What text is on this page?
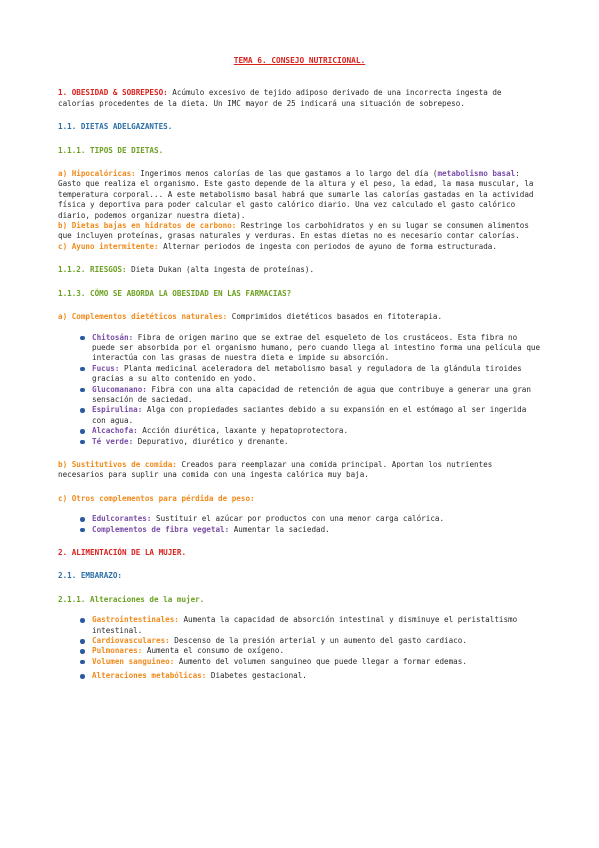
TEMA 6. CONSEJO NUTRICIONAL.

1. OBESIDAD & SOBREPESO: Acúmulo excesivo de tejido adiposo derivado de una incorrecta ingesta de calorías procedentes de la dieta. Un IMC mayor de 25 indicará una situación de sobrepeso.

1.1. DIETAS ADELGAZANTES.

1.1.1. TIPOS DE DIETAS.

a) Hipocalóricas: Ingerimos menos calorías de las que gastamos a lo largo del día (metabolismo basal: Gasto que realiza el organismo. Este gasto depende de la altura y el peso, la edad, la masa muscular, la temperatura corporal... A este metabolismo basal habrá que sumarle las calorías gastadas en la actividad física y deportiva para poder calcular el gasto calórico diario. Una vez calculado el gasto calórico diario, podemos organizar nuestra dieta).

b) Dietas bajas en hidratos de carbono: Restringe los carbohidratos y en su lugar se consumen alimentos que incluyen proteínas, grasas naturales y verduras. En estas dietas no es necesario contar calorías.

c) Ayuno intermitente: Alternar periodos de ingesta con periodos de ayuno de forma estructurada.

1.1.2. RIESGOS: Dieta Dukan (alta ingesta de proteínas).

1.1.3. CÓMO SE ABORDA LA OBESIDAD EN LAS FARMACIAS?

a) Complementos dietéticos naturales: Comprimidos dietéticos basados en fitoterapia.

Chitosán: Fibra de origen marino que se extrae del esqueleto de los crustáceos. Esta fibra no puede ser absorbida por el organismo humano, pero cuando llega al intestino forma una película que interactúa con las grasas de nuestra dieta e impide su absorción.
Fucus: Planta medicinal aceleradora del metabolismo basal y reguladora de la glándula tiroides gracias a su alto contenido en yodo.
Glucomanano: Fibra con una alta capacidad de retención de agua que contribuye a generar una gran sensación de saciedad.
Espirulina: Alga con propiedades saciantes debido a su expansión en el estómago al ser ingerida con agua.
Alcachofa: Acción diurética, laxante y hepatoprotectora.
Té verde: Depurativo, diurético y drenante.

b) Sustitutivos de comida: Creados para reemplazar una comida principal. Aportan los nutrientes necesarios para suplir una comida con una ingesta calórica muy baja.

c) Otros complementos para pérdida de peso:

Edulcorantes: Sustituir el azúcar por productos con una menor carga calórica.
Complementos de fibra vegetal: Aumentar la saciedad.

2. ALIMENTACIÓN DE LA MUJER.

2.1. EMBARAZO:

2.1.1. Alteraciones de la mujer.

Gastrointestinales: Aumenta la capacidad de absorción intestinal y disminuye el peristaltismo intestinal.
Cardiovasculares: Descenso de la presión arterial y un aumento del gasto cardiaco.
Pulmonares: Aumenta el consumo de oxígeno.
Volumen sanguineo: Aumento del volumen sanguineo que puede llegar a formar edemas.
Alteraciones metabólicas: Diabetes gestacional.
